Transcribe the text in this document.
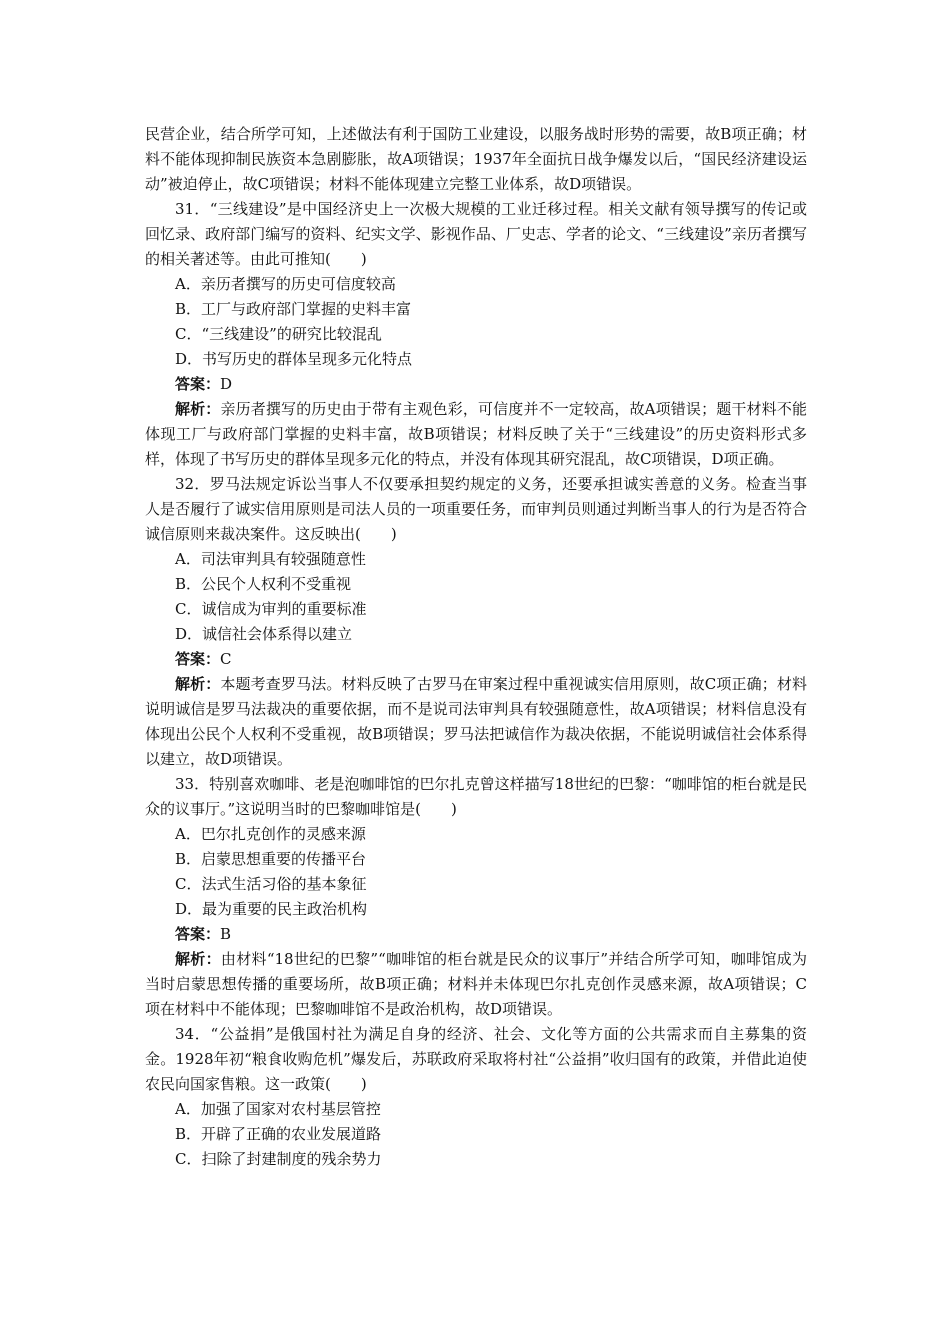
民营企业，结合所学可知，上述做法有利于国防工业建设，以服务战时形势的需要，故B项正确；材料不能体现抑制民族资本急剧膨胀，故A项错误；1937年全面抗日战争爆发以后，“国民经济建设运动”被迫停止，故C项错误；材料不能体现建立完整工业体系，故D项错误。

31．“三线建设”是中国经济史上一次极大规模的工业迁移过程。相关文献有领导撰写的传记或回忆录、政府部门编写的资料、纪实文学、影视作品、厂史志、学者的论文、“三线建设”亲历者撰写的相关著述等。由此可推知(　　)

A．亲历者撰写的历史可信度较高

B．工厂与政府部门掌握的史料丰富

C．“三线建设”的研究比较混乱

D．书写历史的群体呈现多元化特点

答案：D

解析：亲历者撰写的历史由于带有主观色彩，可信度并不一定较高，故A项错误；题干材料不能体现工厂与政府部门掌握的史料丰富，故B项错误；材料反映了关于“三线建设”的历史资料形式多样，体现了书写历史的群体呈现多元化的特点，并没有体现其研究混乱，故C项错误，D项正确。

32．罗马法规定诉讼当事人不仅要承担契约规定的义务，还要承担诚实善意的义务。检查当事人是否履行了诚实信用原则是司法人员的一项重要任务，而审判员则通过判断当事人的行为是否符合诚信原则来裁决案件。这反映出(　　)

A．司法审判具有较强随意性

B．公民个人权利不受重视

C．诚信成为审判的重要标准

D．诚信社会体系得以建立

答案：C

解析：本题考查罗马法。材料反映了古罗马在审案过程中重视诚实信用原则，故C项正确；材料说明诚信是罗马法裁决的重要依据，而不是说司法审判具有较强随意性，故A项错误；材料信息没有体现出公民个人权利不受重视，故B项错误；罗马法把诚信作为裁决依据，不能说明诚信社会体系得以建立，故D项错误。

33．特别喜欢咖啡、老是泡咖啡馆的巴尔扎克曾这样描写18世纪的巴黎：“咖啡馆的柜台就是民众的议事厅。”这说明当时的巴黎咖啡馆是(　　)

A．巴尔扎克创作的灵感来源

B．启蒙思想重要的传播平台

C．法式生活习俗的基本象征

D．最为重要的民主政治机构

答案：B

解析：由材料“18世纪的巴黎”“咖啡馆的柜台就是民众的议事厅”并结合所学可知，咖啡馆成为当时启蒙思想传播的重要场所，故B项正确；材料并未体现巴尔扎克创作灵感来源，故A项错误；C项在材料中不能体现；巴黎咖啡馆不是政治机构，故D项错误。

34．“公益捐”是俄国村社为满足自身的经济、社会、文化等方面的公共需求而自主募集的资金。1928年初“粮食收购危机”爆发后，苏联政府采取将村社“公益捐”收归国有的政策，并借此迫使农民向国家售粮。这一政策(　　)

A．加强了国家对农村基层管控

B．开辟了正确的农业发展道路

C．扫除了封建制度的残余势力
